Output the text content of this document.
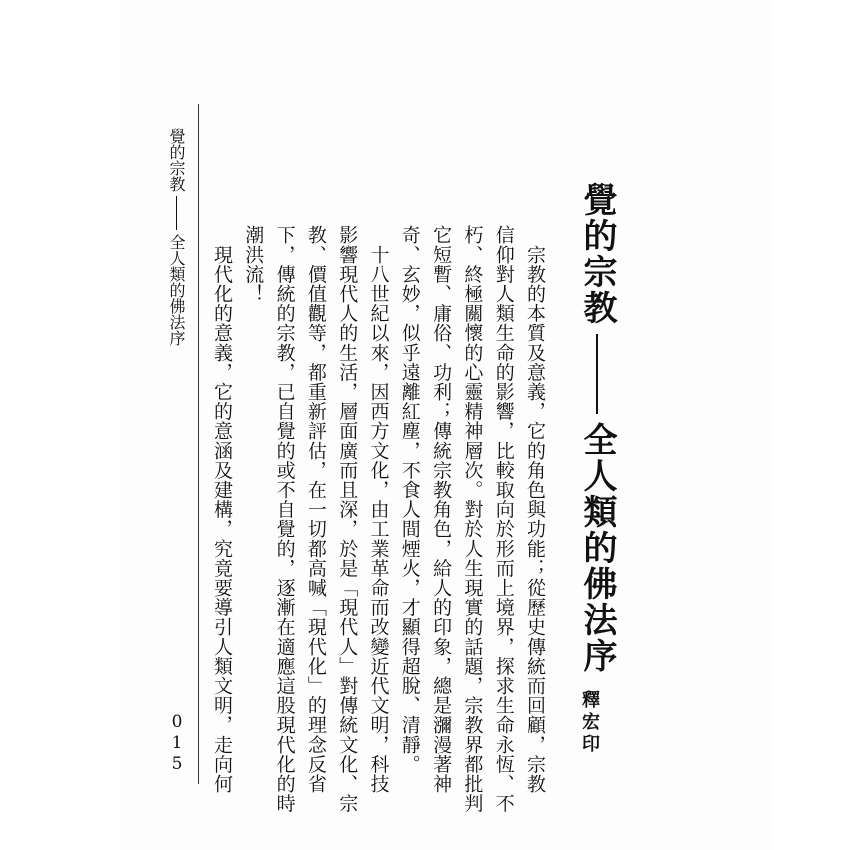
覺的宗教全人類的佛法序
015
覺的宗教全人類的佛法序
釋宏印
　宗教的本質及意義，它的角色與功能；從歷史傳統而回顧，宗教
信仰對人類生命的影響，比較取向於形而上境界，探求生命永恆、不
朽、終極關懷的心靈精神層次。對於人生現實的話題，宗教界都批判
它短暫、庸俗、功利；傳統宗教角色，給人的印象，總是瀰漫著神
奇、玄妙，似乎遠離紅塵，不食人間煙火，才顯得超脫、清靜。
　十八世紀以來，因西方文化，由工業革命而改變近代文明，科技
影響現代人的生活，層面廣而且深，於是「現代人」對傳統文化、宗
教、價值觀等，都重新評估，在一切都高喊「現代化」的理念反省
下，傳統的宗教，已自覺的或不自覺的，逐漸在適應這股現代化的時
潮洪流！
　現代化的意義，它的意涵及建構，究竟要導引人類文明，走向何
